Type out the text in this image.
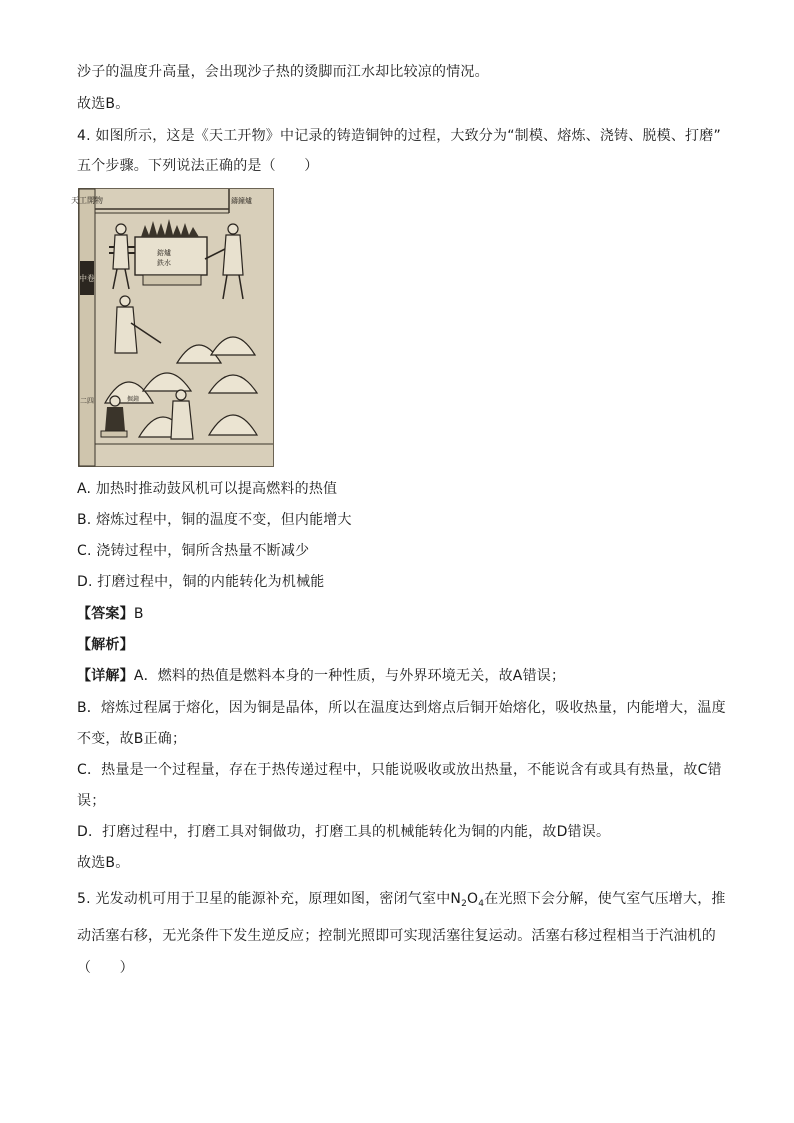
沙子的温度升高量，会出现沙子热的烫脚而江水却比较凉的情况。
故选B。
4. 如图所示，这是《天工开物》中记录的铸造铜钟的过程，大致分为“制模、熔炼、浇铸、脱模、打磨”
五个步骤。下列说法正确的是（　　）
天工開物
中卷
二四
鑄鐘爐
鎔爐
鉄水
掘鐘
A. 加热时推动鼓风机可以提高燃料的热值
B. 熔炼过程中，铜的温度不变，但内能增大
C. 浇铸过程中，铜所含热量不断减少
D. 打磨过程中，铜的内能转化为机械能
【答案】B
【解析】
【详解】A．燃料的热值是燃料本身的一种性质，与外界环境无关，故A错误；
B．熔炼过程属于熔化，因为铜是晶体，所以在温度达到熔点后铜开始熔化，吸收热量，内能增大，温度
不变，故B正确；
C．热量是一个过程量，存在于热传递过程中，只能说吸收或放出热量，不能说含有或具有热量，故C错
误；
D．打磨过程中，打磨工具对铜做功，打磨工具的机械能转化为铜的内能，故D错误。
故选B。
5. 光发动机可用于卫星的能源补充，原理如图，密闭气室中$N_2O_4$在光照下会分解，使气室气压增大，推
动活塞右移，无光条件下发生逆反应；控制光照即可实现活塞往复运动。活塞右移过程相当于汽油机的
（　　）
